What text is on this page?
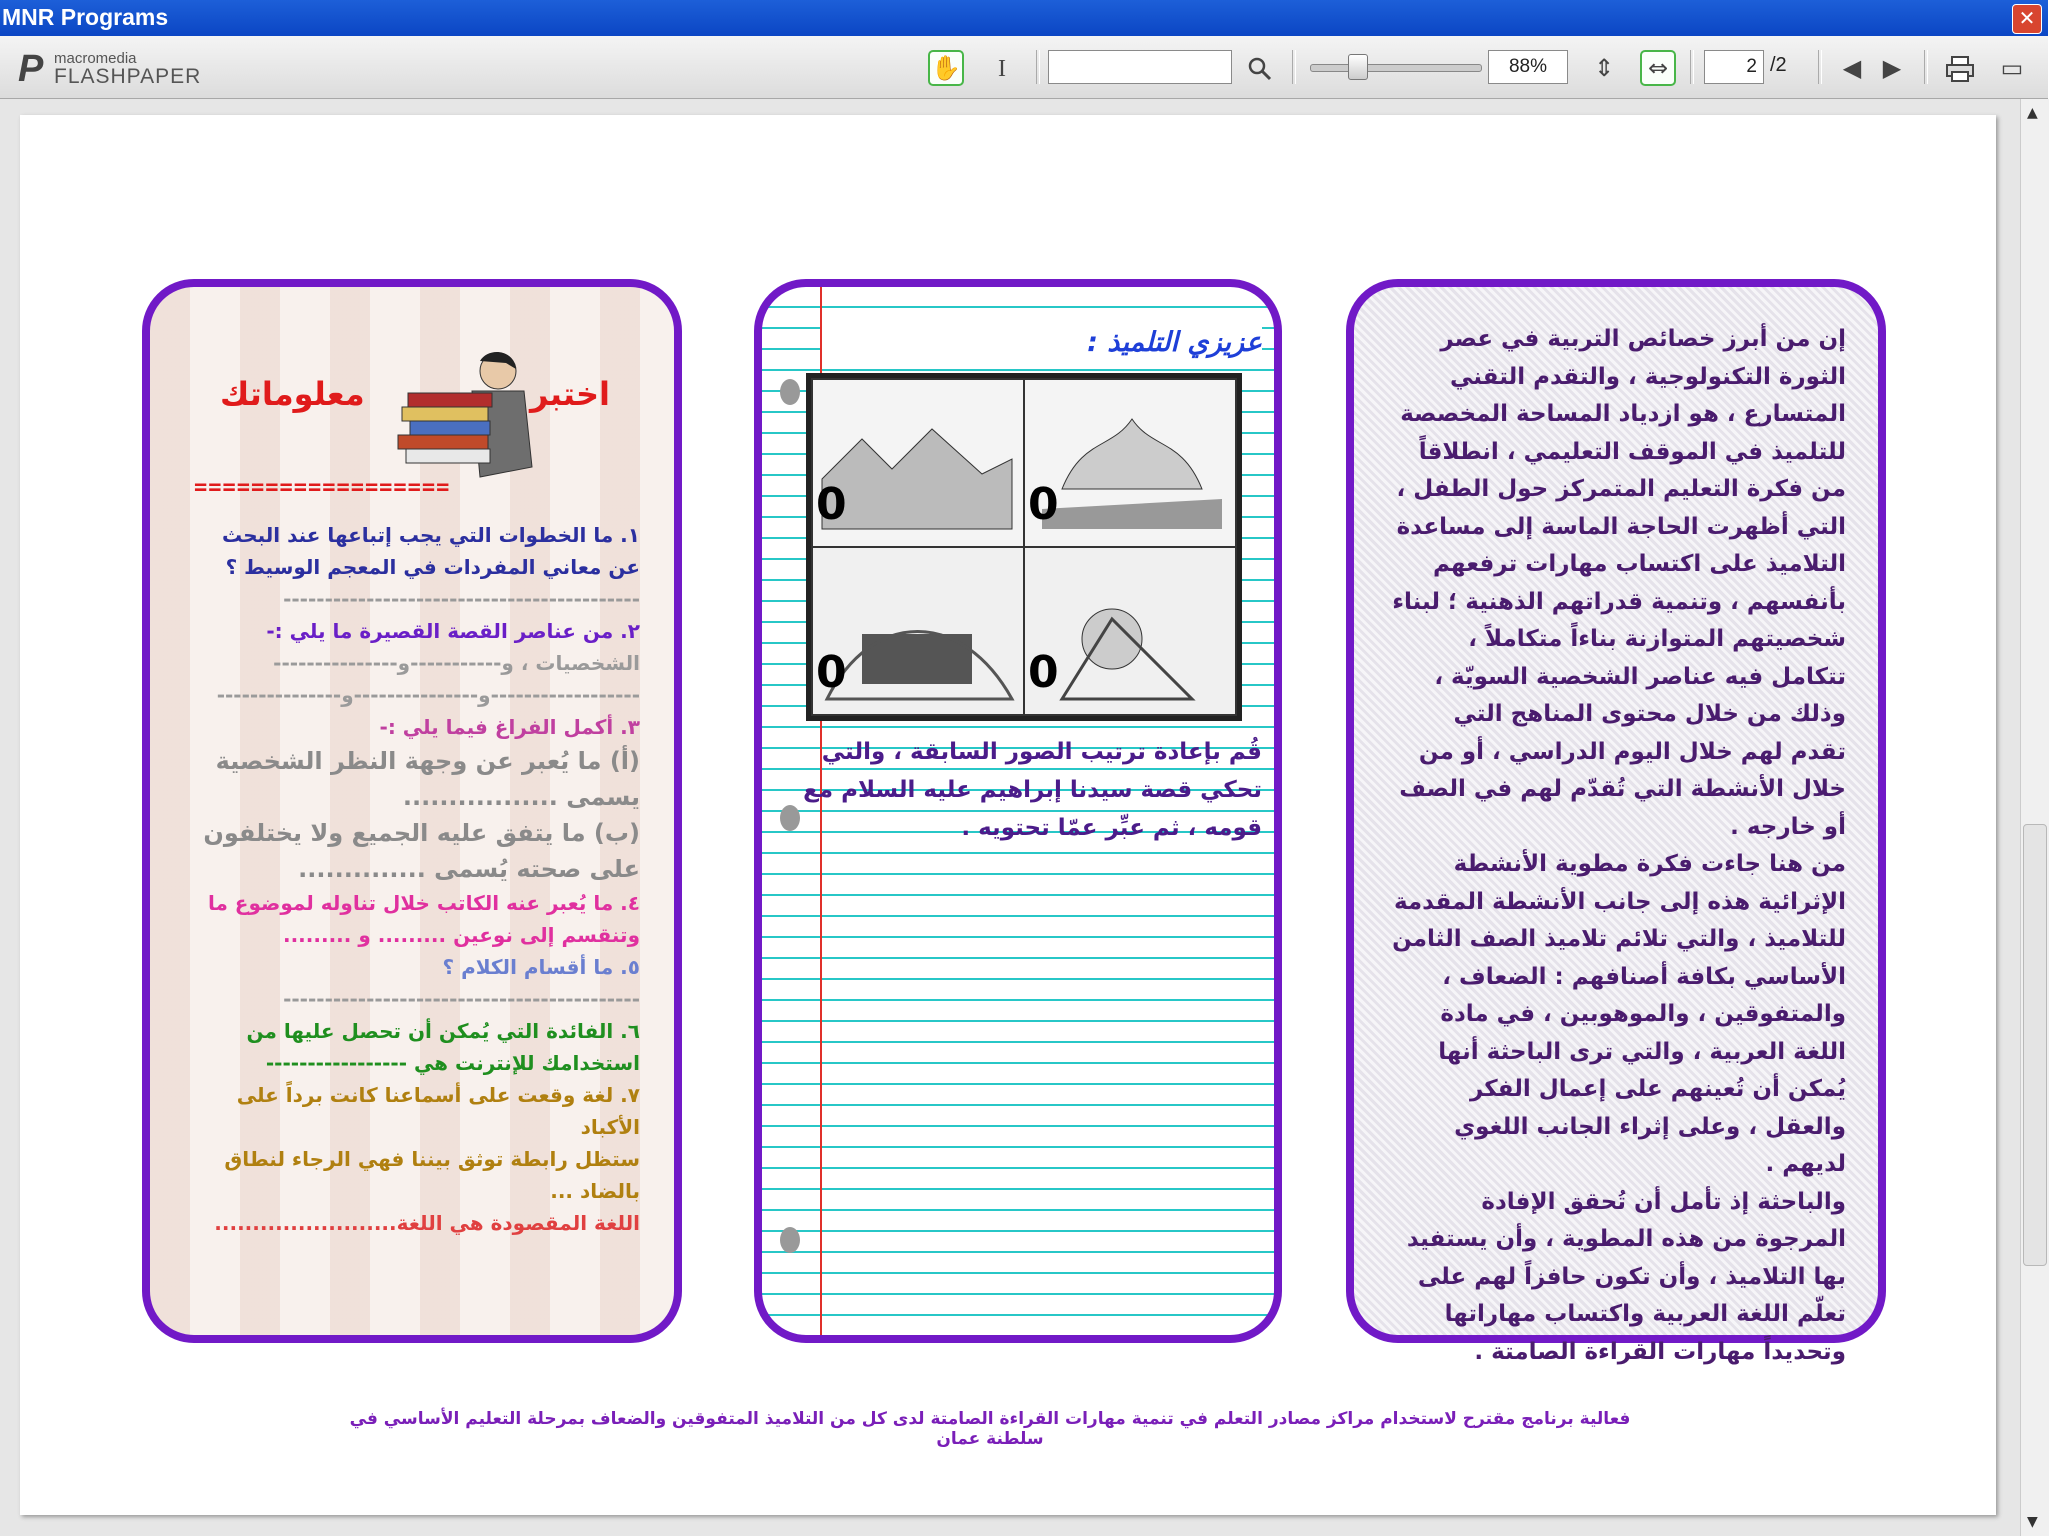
MNR Programs	✕
P macromedia
FLASHPAPER	✋	I	88%	⇕	⇔	2 /2	◀ ▶	▭
إن من أبرز خصائص التربية في عصر الثورة التكنولوجية ، والتقدم التقني المتسارع ، هو ازدياد المساحة المخصصة للتلميذ في الموقف التعليمي ، انطلاقاً من فكرة التعليم المتمركز حول الطفل ، التي أظهرت الحاجة الماسة إلى مساعدة التلاميذ على اكتساب مهارات ترفعهم بأنفسهم ، وتنمية قدراتهم الذهنية ؛ لبناء شخصيتهم المتوازنة بناءاً متكاملاً ، تتكامل فيه عناصر الشخصية السويّة ، وذلك من خلال محتوى المناهج التي تقدم لهم خلال اليوم الدراسي ، أو من خلال الأنشطة التي تُقدّم لهم في الصف أو خارجه .
من هنا جاءت فكرة مطوية الأنشطة الإثرائية هذه إلى جانب الأنشطة المقدمة للتلاميذ ، والتي تلائم تلاميذ الصف الثامن الأساسي بكافة أصنافهم : الضعاف ، والمتفوقين ، والموهوبين ، في مادة اللغة العربية ، والتي ترى الباحثة أنها يُمكن أن تُعينهم على إعمال الفكر والعقل ، وعلى إثراء الجانب اللغوي لديهم .
والباحثة إذ تأمل أن تُحقق الإفادة المرجوة من هذه المطوية ، وأن يستفيد بها التلاميذ ، وأن تكون حافزاً لهم على تعلّم اللغة العربية واكتساب مهاراتها وتحديداً مهارات القراءة الصامتة .
عزيزي التلميذ :
0	0
0	0
قُم بإعادة ترتيب الصور السابقة ، والتي تحكي قصة سيدنا إبراهيم عليه السلام مع قومه ، ثم عبِّر عمّا تحتويه .
اختبر
معلوماتك
==================
١. ما الخطوات التي يجب إتباعها عند البحث عن معاني المفردات في المعجم الوسيط ؟
-------------------------------------------
٢. من عناصر القصة القصيرة ما يلي :-
الشخصيات ، و-----------و---------------
------------------و---------------و---------------
٣. أكمل الفراغ فيما يلي :-
(أ) ما يُعبر عن وجهة النظر الشخصية يسمى .................
(ب) ما يتفق عليه الجميع ولا يختلفون على صحته يُسمى ..............
٤. ما يُعبر عنه الكاتب خلال تناوله لموضوع ما وتنقسم إلى نوعين ......... و .........
٥. ما أقسام الكلام ؟
-------------------------------------------
٦. الفائدة التي يُمكن أن تحصل عليها من استخدامك للإنترنت هي -----------------
٧. لغة وقعت على أسماعنا كانت برداً على الأكباد
ستظل رابطة توثق بيننا فهي الرجاء لنطاق بالضاد ...
اللغة المقصودة هي اللغة........................
فعالية برنامج مقترح لاستخدام مراكز مصادر التعلم في تنمية مهارات القراءة الصامتة لدى كل من التلاميذ المتفوقين والضعاف بمرحلة التعليم الأساسي في سلطنة عمان
▲
▼
